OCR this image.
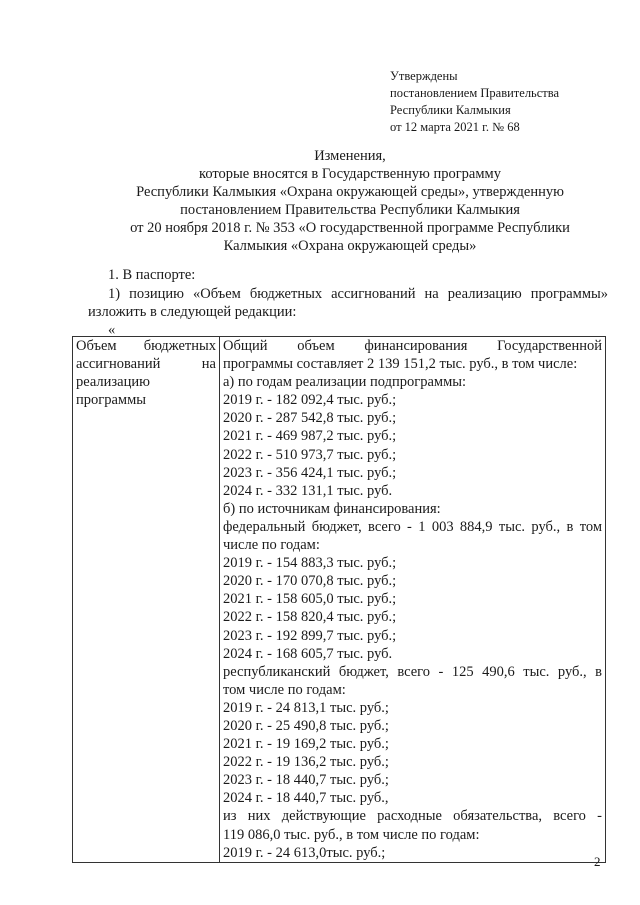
Утверждены
постановлением Правительства
Республики Калмыкия
от 12 марта 2021 г. № 68
Изменения,
которые вносятся в Государственную программу
Республики Калмыкия «Охрана окружающей среды», утвержденную
постановлением Правительства Республики Калмыкия
от 20 ноября 2018 г. № 353 «О государственной программе Республики
Калмыкия «Охрана окружающей среды»
1. В паспорте:
1) позицию «Объем бюджетных ассигнований на реализацию программы»
изложить в следующей редакции:
«
Объем бюджетных
ассигнований на
реализацию
программы

Общий объем финансирования Государственной
программы составляет 2 139 151,2 тыс. руб., в том числе:
а) по годам реализации подпрограммы:
2019 г. - 182 092,4 тыс. руб.;
2020 г. - 287 542,8 тыс. руб.;
2021 г. - 469 987,2 тыс. руб.;
2022 г. - 510 973,7 тыс. руб.;
2023 г. - 356 424,1 тыс. руб.;
2024 г. - 332 131,1 тыс. руб.
б) по источникам финансирования:
федеральный бюджет, всего - 1 003 884,9 тыс. руб., в том
числе по годам:
2019 г. - 154 883,3 тыс. руб.;
2020 г. - 170 070,8 тыс. руб.;
2021 г. - 158 605,0 тыс. руб.;
2022 г. - 158 820,4 тыс. руб.;
2023 г. - 192 899,7 тыс. руб.;
2024 г. - 168 605,7 тыс. руб.
республиканский бюджет, всего - 125 490,6 тыс. руб., в
том числе по годам:
2019 г. - 24 813,1 тыс. руб.;
2020 г. - 25 490,8 тыс. руб.;
2021 г. - 19 169,2 тыс. руб.;
2022 г. - 19 136,2 тыс. руб.;
2023 г. - 18 440,7 тыс. руб.;
2024 г. - 18 440,7 тыс. руб.,
из них действующие расходные обязательства, всего -
119 086,0 тыс. руб., в том числе по годам:
2019 г. - 24 613,0тыс. руб.;
2
